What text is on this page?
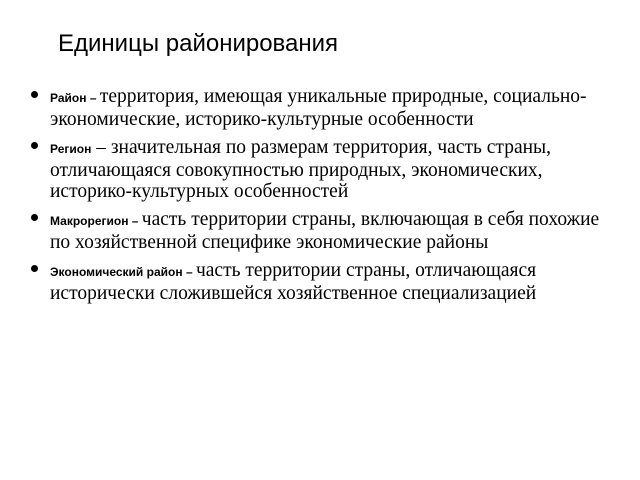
Единицы районирования
Район – территория, имеющая уникальные природные, социально-экономические, историко-культурные особенности
Регион – значительная по размерам территория, часть страны, отличающаяся совокупностью природных, экономических, историко-культурных особенностей
Макрорегион – часть территории страны, включающая в себя похожие по хозяйственной специфике экономические районы
Экономический район – часть территории страны, отличающаяся исторически сложившейся хозяйственное специализацией
